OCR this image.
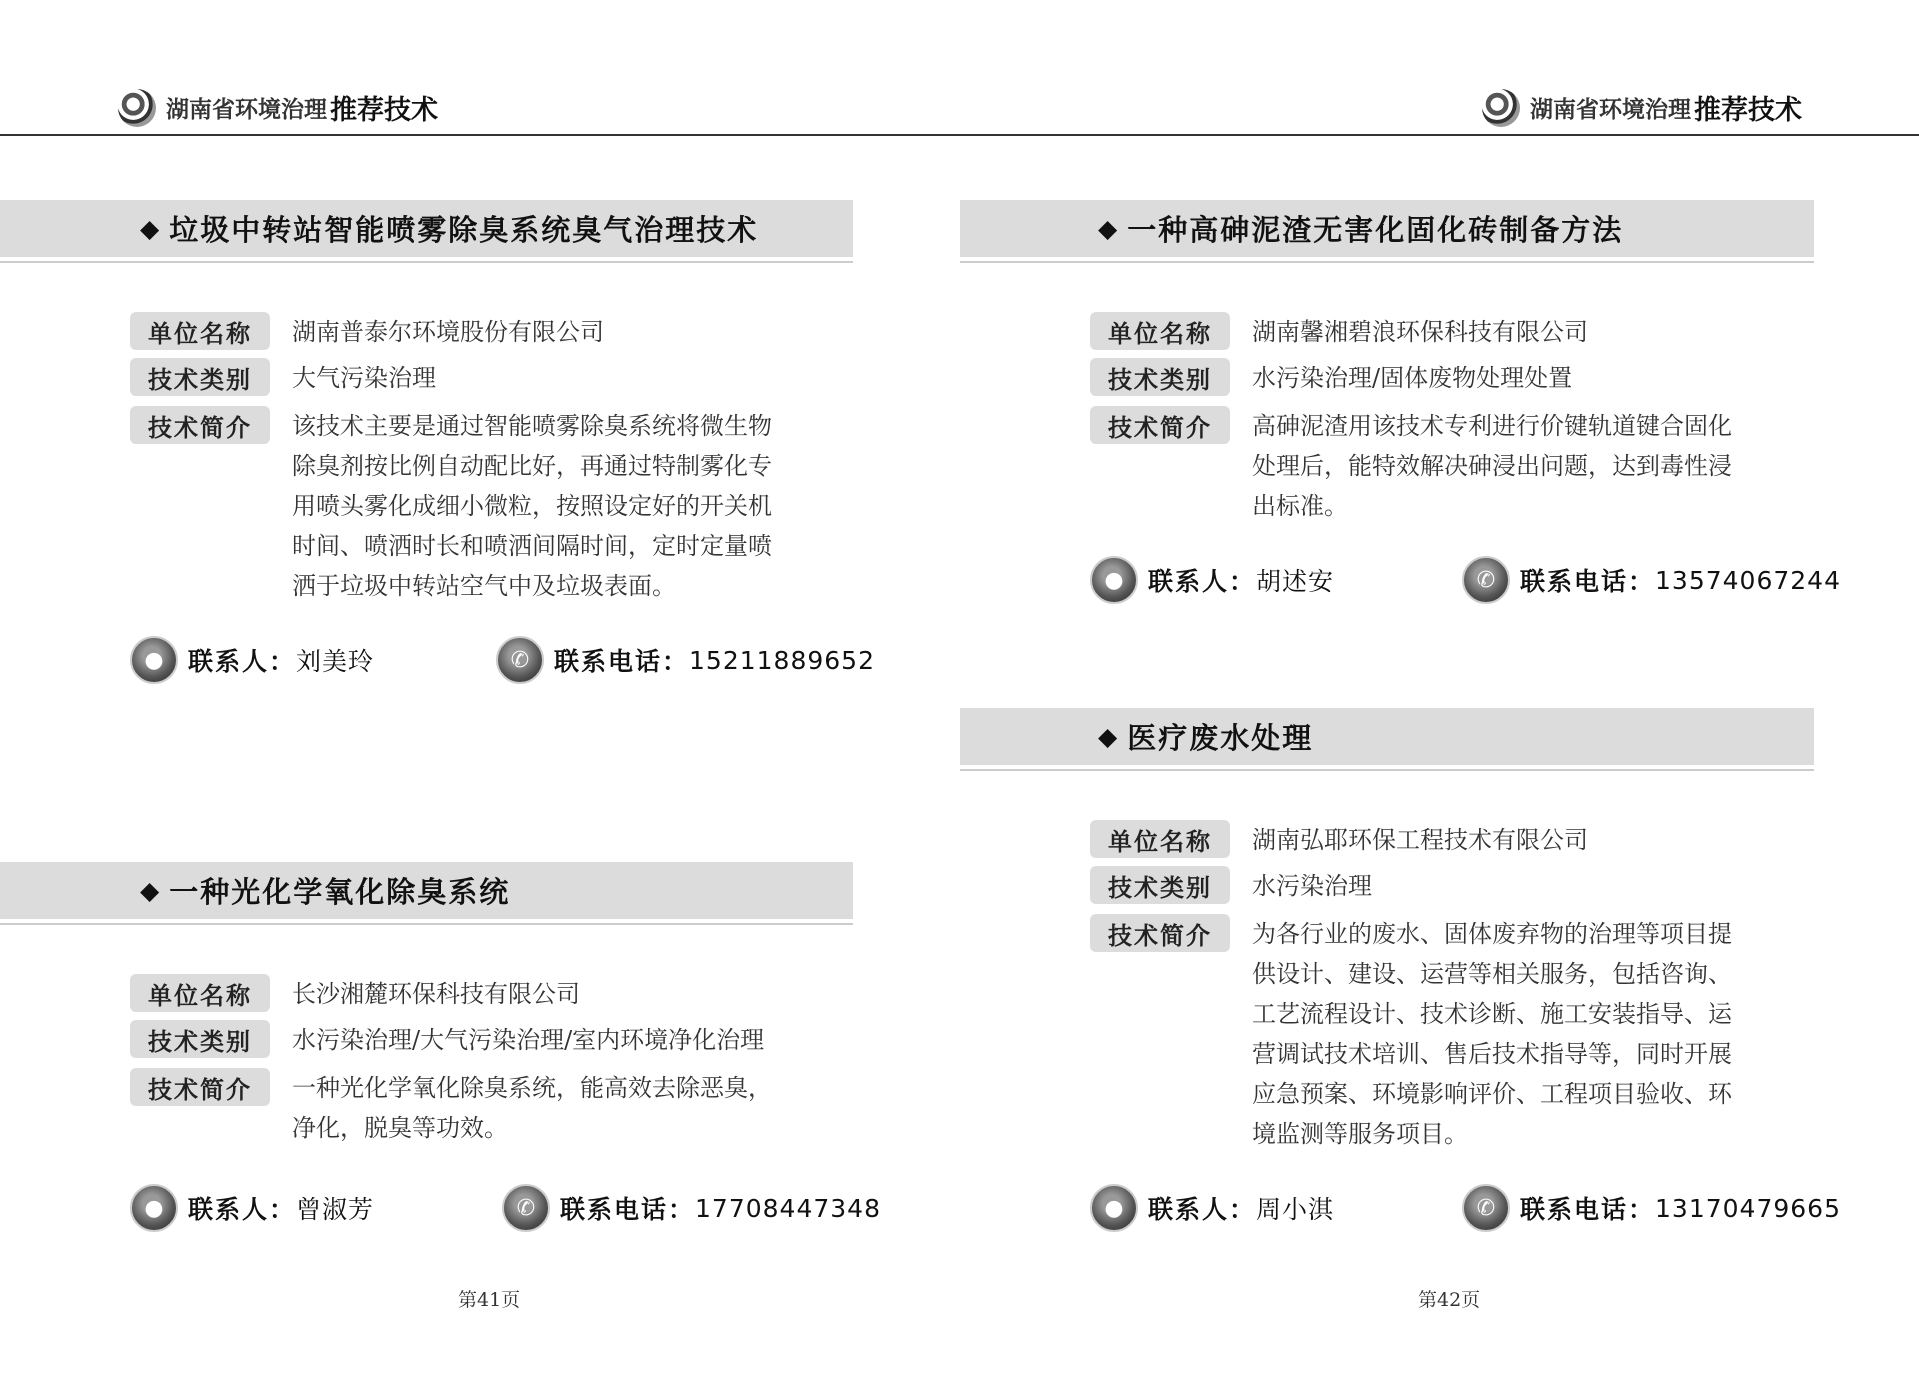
湖南省环境治理 推荐技术	湖南省环境治理 推荐技术
◆ 垃圾中转站智能喷雾除臭系统臭气治理技术
单位名称	湖南普泰尔环境股份有限公司
技术类别	大气污染治理
技术简介	该技术主要是通过智能喷雾除臭系统将微生物
除臭剂按比例自动配比好，再通过特制雾化专
用喷头雾化成细小微粒，按照设定好的开关机
时间、喷洒时长和喷洒间隔时间，定时定量喷
洒于垃圾中转站空气中及垃圾表面。
● 联系人： 刘美玲	✆ 联系电话： 15211889652
◆ 一种光化学氧化除臭系统
单位名称	长沙湘麓环保科技有限公司
技术类别	水污染治理/大气污染治理/室内环境净化治理
技术简介	一种光化学氧化除臭系统，能高效去除恶臭，
净化，脱臭等功效。
● 联系人： 曾淑芳	✆ 联系电话： 17708447348
◆ 一种高砷泥渣无害化固化砖制备方法
单位名称	湖南馨湘碧浪环保科技有限公司
技术类别	水污染治理/固体废物处理处置
技术简介	高砷泥渣用该技术专利进行价键轨道键合固化
处理后，能特效解决砷浸出问题，达到毒性浸
出标准。
● 联系人： 胡述安	✆ 联系电话： 13574067244
◆ 医疗废水处理
单位名称	湖南弘耶环保工程技术有限公司
技术类别	水污染治理
技术简介	为各行业的废水、固体废弃物的治理等项目提
供设计、建设、运营等相关服务，包括咨询、
工艺流程设计、技术诊断、施工安装指导、运
营调试技术培训、售后技术指导等，同时开展
应急预案、环境影响评价、工程项目验收、环
境监测等服务项目。
● 联系人： 周小淇	✆ 联系电话： 13170479665
第41页	第42页
